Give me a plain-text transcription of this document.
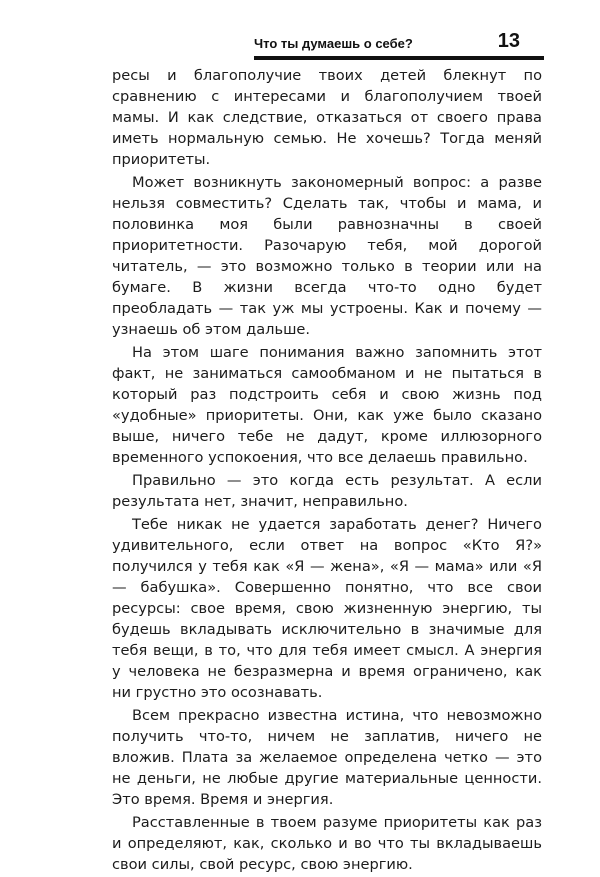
Что ты думаешь о себе?	13

ресы и благополучие твоих детей блекнут по сравнению с интересами и благополучием твоей мамы. И как следствие, отказаться от своего права иметь нормальную семью. Не хочешь? Тогда меняй приоритеты.

Может возникнуть закономерный вопрос: а разве нельзя совместить? Сделать так, чтобы и мама, и половинка моя были равнозначны в своей приоритетности. Разочарую тебя, мой дорогой читатель, — это возможно только в теории или на бумаге. В жизни всегда что-то одно будет преобладать — так уж мы устроены. Как и почему — узнаешь об этом дальше.

На этом шаге понимания важно запомнить этот факт, не заниматься самообманом и не пытаться в который раз подстроить себя и свою жизнь под «удобные» приоритеты. Они, как уже было сказано выше, ничего тебе не дадут, кроме иллюзорного временного успокоения, что все делаешь правильно.

Правильно — это когда есть результат. А если результата нет, значит, неправильно.

Тебе никак не удается заработать денег? Ничего удивительного, если ответ на вопрос «Кто Я?» получился у тебя как «Я — жена», «Я — мама» или «Я — бабушка». Совершенно понятно, что все свои ресурсы: свое время, свою жизненную энергию, ты будешь вкладывать исключительно в значимые для тебя вещи, в то, что для тебя имеет смысл. А энергия у человека не безразмерна и время ограничено, как ни грустно это осознавать.

Всем прекрасно известна истина, что невозможно получить что-то, ничем не заплатив, ничего не вложив. Плата за желаемое определена четко — это не деньги, не любые другие материальные ценности. Это время. Время и энергия.

Расставленные в твоем разуме приоритеты как раз и определяют, как, сколько и во что ты вкладываешь свои силы, свой ресурс, свою энергию.
